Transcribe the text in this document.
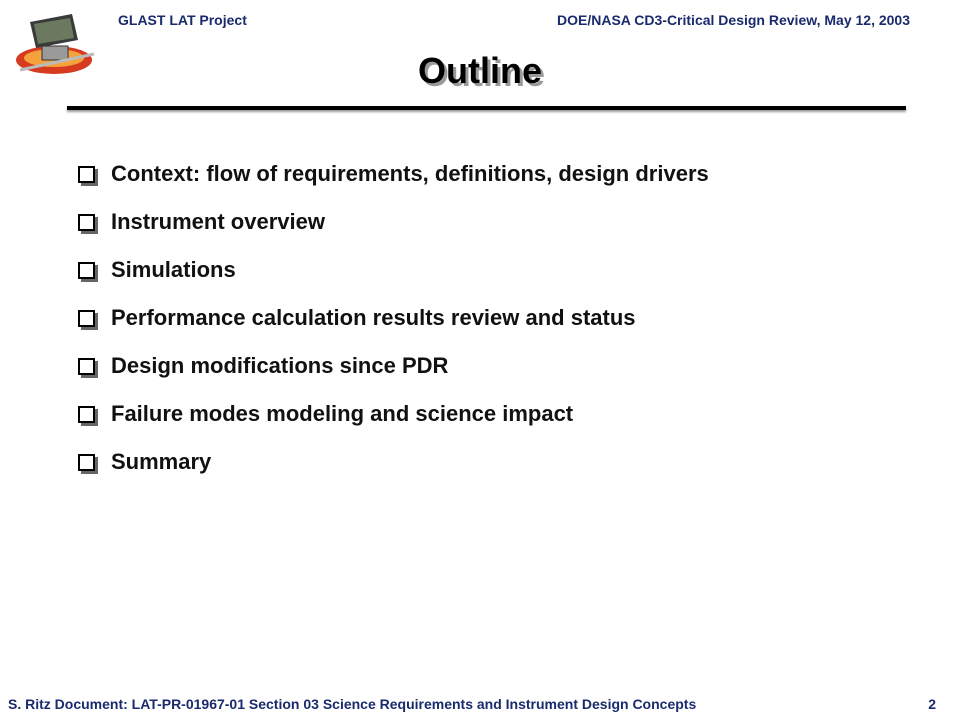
GLAST LAT Project	DOE/NASA CD3-Critical Design Review, May 12, 2003
Outline
Context: flow of requirements, definitions, design drivers
Instrument overview
Simulations
Performance calculation results review and status
Design modifications since PDR
Failure modes modeling and science impact
Summary
S. Ritz Document: LAT-PR-01967-01 Section 03 Science Requirements and Instrument Design Concepts	2
